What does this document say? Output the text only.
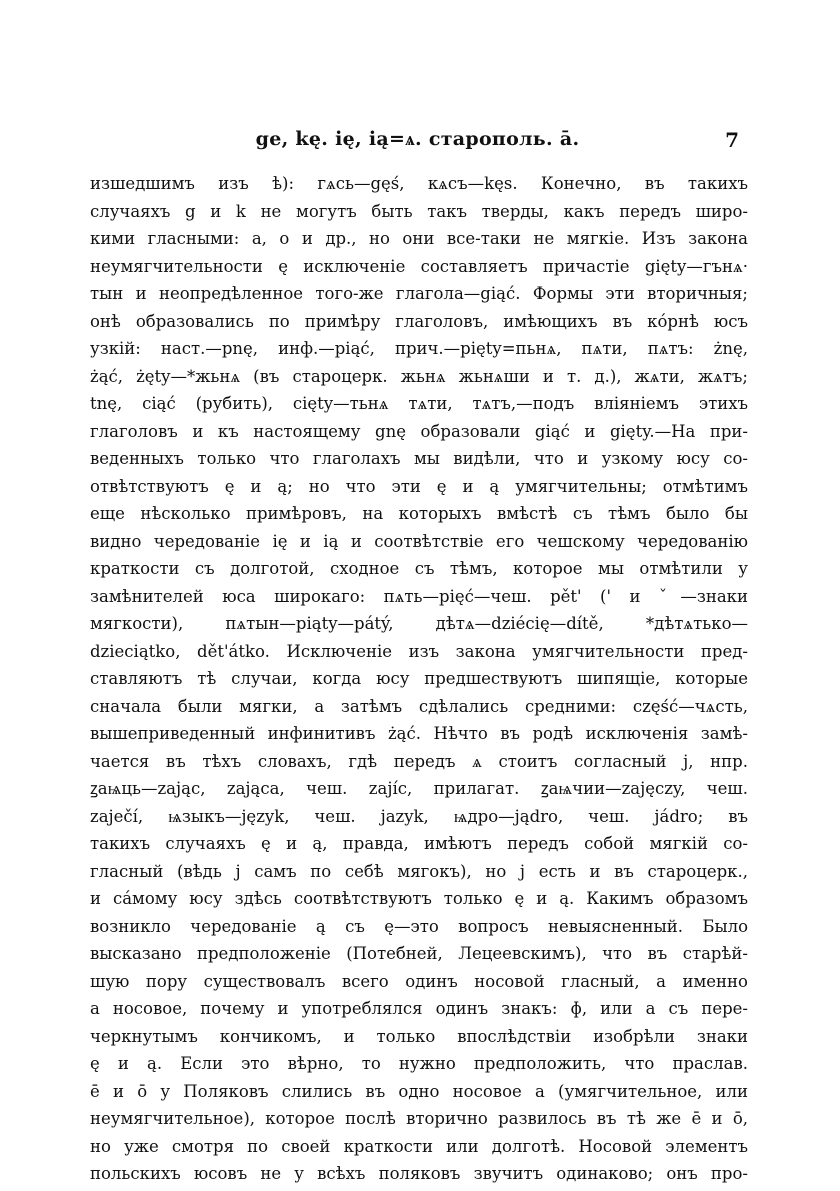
ge, kę. ię, ią=ѧ. старополь. ā.	7
изшедшимъ изъ ѣ): гѧсь—gęś, кѧсъ—kęs. Конечно, въ такихъ
случаяхъ g и k не могутъ быть такъ тверды, какъ передъ широ-
кими гласными: а, о и др., но они все-таки не мягкіе. Изъ закона
неумягчительности ę исключеніе составляетъ причастіе gięty—гънѧ·
тын и неопредѣленное того-же глагола—giąć. Формы эти вторичныя;
онѣ образовались по примѣру глаголовъ, имѣющихъ въ кóрнѣ юсъ
узкій: наст.—pnę, инф.—piąć, прич.—pięty=пьнѧ, пѧти, пѧтъ: żnę,
żąć, żęty—*жьнѧ (въ староцерк. жьнѧ жьнѧши и т. д.), жѧти, жѧтъ;
tnę, ciąć (рубить), cięty—тьнѧ тѧти, тѧтъ,—подъ вліяніемъ этихъ
глаголовъ и къ настоящему gnę образовали giąć и gięty.—На при-
веденныхъ только что глаголахъ мы видѣли, что и узкому юсу со-
отвѣтствуютъ ę и ą; но что эти ę и ą умягчительны; отмѣтимъ
еще нѣсколько примѣровъ, на которыхъ вмѣстѣ съ тѣмъ было бы
видно чередованіе ię и ią и соотвѣтствіе его чешскому чередованію
краткости съ долготой, сходное съ тѣмъ, которое мы отмѣтили у
замѣнителей юса широкаго: пѧть—pięć—чеш. pět' (' и ˇ—знаки
мягкости), пѧтын—piąty—pátý, дѣтѧ—dziécię—dítě, *дѣтѧтько—
dzieciątko, dět'átko. Исключеніе изъ закона умягчительности пред-
ставляютъ тѣ случаи, когда юсу предшествуютъ шипящіе, которые
сначала были мягки, а затѣмъ сдѣлались средними: część—чѧсть,
вышеприведенный инфинитивъ żąć. Нѣчто въ родѣ исключенія замѣ-
чается въ тѣхъ словахъ, гдѣ передъ ѧ стоитъ согласный j, нпр.
ꙁаѩць—zając, zająca, чеш. zajíc, прилагат. ꙁаѩчии—zajęczy, чеш.
zaječí, ѩзыкъ—język, чеш. jazyk, ѩдро—jądro, чеш. jádro; въ
такихъ случаяхъ ę и ą, правда, имѣютъ передъ собой мягкій со-
гласный (вѣдь j самъ по себѣ мягокъ), но j есть и въ староцерк.,
и сáмому юсу здѣсь соотвѣтствуютъ только ę и ą. Какимъ образомъ
возникло чередованіе ą съ ę—это вопросъ невыясненный. Было
высказано предположеніе (Потебней, Лецеевскимъ), что въ старѣй-
шую пору существовалъ всего одинъ носовой гласный, а именно
a носовое, почему и употреблялся одинъ знакъ: ɸ, или a съ пере-
черкнутымъ кончикомъ, и только впослѣдствіи изобрѣли знаки
ę и ą. Если это вѣрно, то нужно предположить, что праслав.
ē и ō у Поляковъ слились въ одно носовое a (умягчительное, или
неумягчительное), которое послѣ вторично развилось въ тѣ же ē и ō,
но уже смотря по своей краткости или долготѣ. Носовой элементъ
польскихъ юсовъ не у всѣхъ поляковъ звучитъ одинаково; онъ про-
